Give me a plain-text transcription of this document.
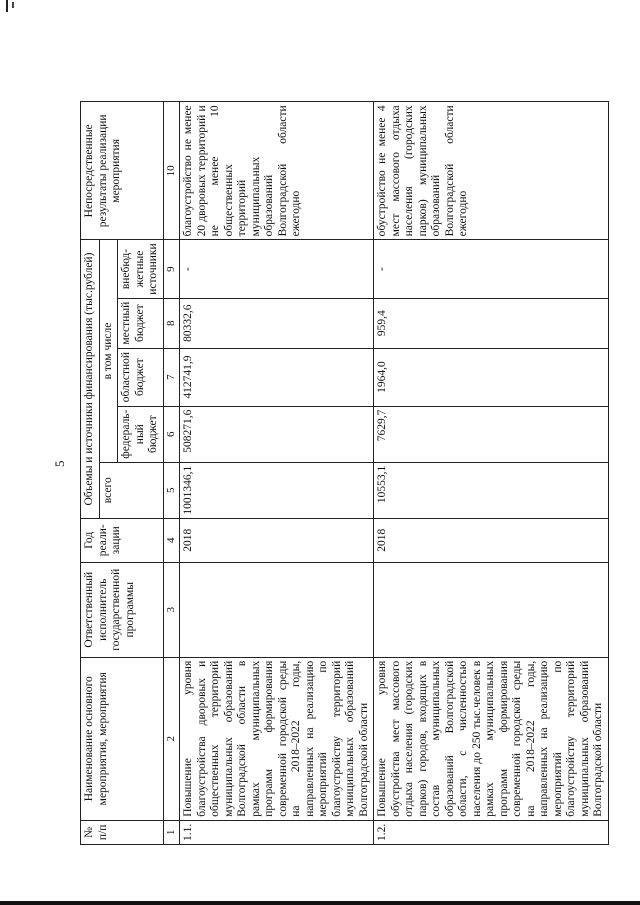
5
№ п/п	Наименование основного мероприятия, мероприятия	Ответственный исполнитель государственной программы	Год реали-зации	Объемы и источники финансирования (тыс.рублей)					Непосредственные результаты реализации мероприятия
				всего	в том числе				
					федераль-ный бюджет	областной бюджет	местный бюджет	внебюд-жетные источники	
1	2	3	4	5	6	7	8	9	10
1.1.	Повышение уровня благоустройства дворовых и общественных территорий муниципальных образований Волгоградской области в рамках муниципальных программ формирования современной городской среды на 2018–2022 годы, направленных на реализацию мероприятий по благоустройству территорий муниципальных образований Волгоградской области		2018	1001346,1	508271,6	412741,9	80332,6	-	благоустройство не менее 20 дворовых территорий и не менее 10 общественных территорий муниципальных образований Волгоградской области ежегодно
1.2.	Повышение уровня обустройства мест массового отдыха населения (городских парков) городов, входящих в состав муниципальных образований Волгоградской области, с численностью населения до 250 тыс.человек в рамках муниципальных программ формирования современной городской среды на 2018–2022 годы, направленных на реализацию мероприятий по благоустройству территорий муниципальных образований Волгоградской области		2018	10553,1	7629,7	1964,0	959,4	-	обустройство не менее 4 мест массового отдыха населения (городских парков) муниципальных образований Волгоградской области ежегодно
